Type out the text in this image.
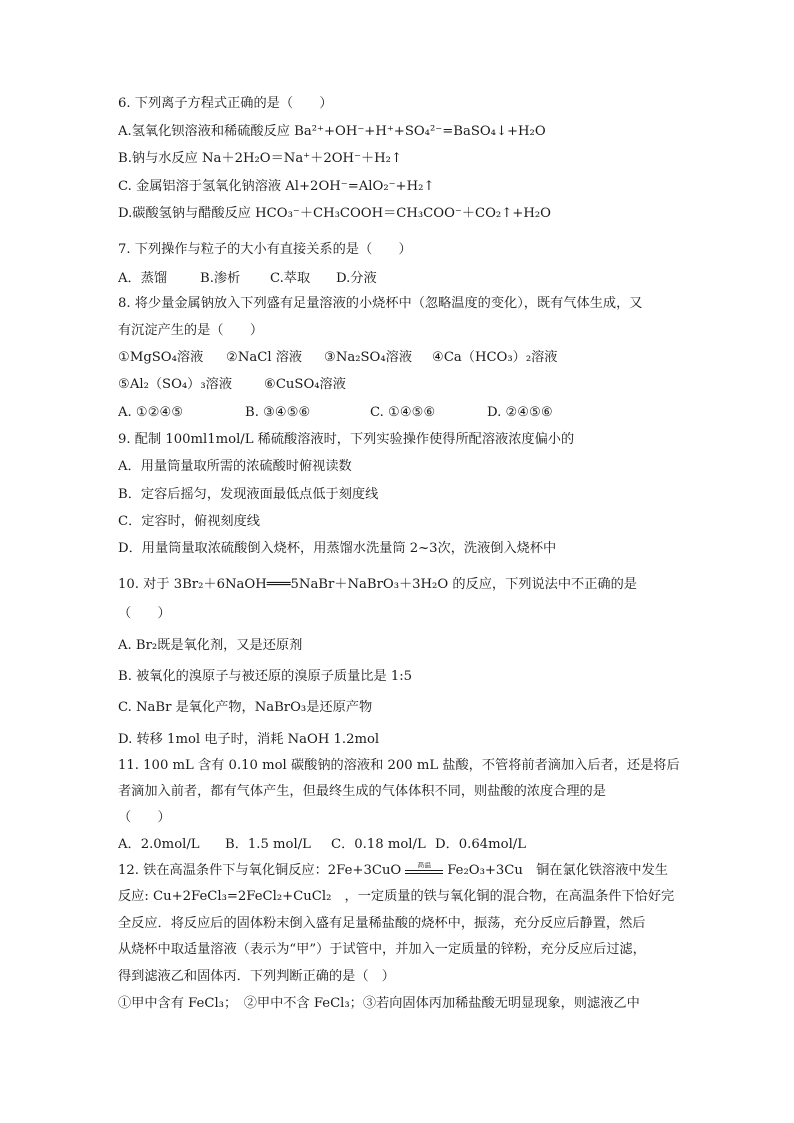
6. 下列离子方程式正确的是（　　）
A.氢氧化钡溶液和稀硫酸反应 Ba²⁺+OH⁻+H⁺+SO₄²⁻=BaSO₄↓+H₂O
B.钠与水反应 Na＋2H₂O＝Na⁺＋2OH⁻＋H₂↑
C. 金属铝溶于氢氧化钠溶液 Al+2OH⁻=AlO₂⁻+H₂↑
D.碳酸氢钠与醋酸反应 HCO₃⁻＋CH₃COOH＝CH₃COO⁻＋CO₂↑+H₂O
7. 下列操作与粒子的大小有直接关系的是（　　）
A．蒸馏 B.渗析 C.萃取 D.分液
8. 将少量金属钠放入下列盛有足量溶液的小烧杯中（忽略温度的变化），既有气体生成，又
有沉淀产生的是（　　）
①MgSO₄溶液 ②NaCl 溶液 ③Na₂SO₄溶液 ④Ca（HCO₃）₂溶液
⑤Al₂（SO₄）₃溶液 ⑥CuSO₄溶液
A. ①②④⑤	B. ③④⑤⑥	C. ①④⑤⑥	D. ②④⑤⑥
9. 配制 100ml1mol/L 稀硫酸溶液时，下列实验操作使得所配溶液浓度偏小的
A．用量筒量取所需的浓硫酸时俯视读数
B．定容后摇匀，发现液面最低点低于刻度线
C．定容时，俯视刻度线
D．用量筒量取浓硫酸倒入烧杯，用蒸馏水洗量筒 2~3次，洗液倒入烧杯中
10. 对于 3Br₂＋6NaOH═══5NaBr＋NaBrO₃＋3H₂O 的反应，下列说法中不正确的是
（　　）
A. Br₂既是氧化剂，又是还原剂
B. 被氧化的溴原子与被还原的溴原子质量比是 1:5
C. NaBr 是氧化产物，NaBrO₃是还原产物
D. 转移 1mol 电子时，消耗 NaOH 1.2mol
11. 100 mL 含有 0.10 mol 碳酸钠的溶液和 200 mL 盐酸，不管将前者滴加入后者，还是将后
者滴加入前者，都有气体产生，但最终生成的气体体积不同，则盐酸的浓度合理的是
（　　）
A．2.0mol/L B．1.5 mol/L C．0.18 mol/L D．0.64mol/L
12. 铁在高温条件下与氧化铜反应：2Fe+3CuO	高温	Fe₂O₃+3Cu　铜在氯化铁溶液中发生
反应: Cu+2FeCl₃=2FeCl₂+CuCl₂　，一定质量的铁与氧化铜的混合物，在高温条件下恰好完
全反应．将反应后的固体粉末倒入盛有足量稀盐酸的烧杯中，振荡，充分反应后静置，然后
从烧杯中取适量溶液（表示为“甲”）于试管中，并加入一定质量的锌粉，充分反应后过滤，
得到滤液乙和固体丙．下列判断正确的是（　）
①甲中含有 FeCl₃；　②甲中不含 FeCl₃；③若向固体丙加稀盐酸无明显现象，则滤液乙中
